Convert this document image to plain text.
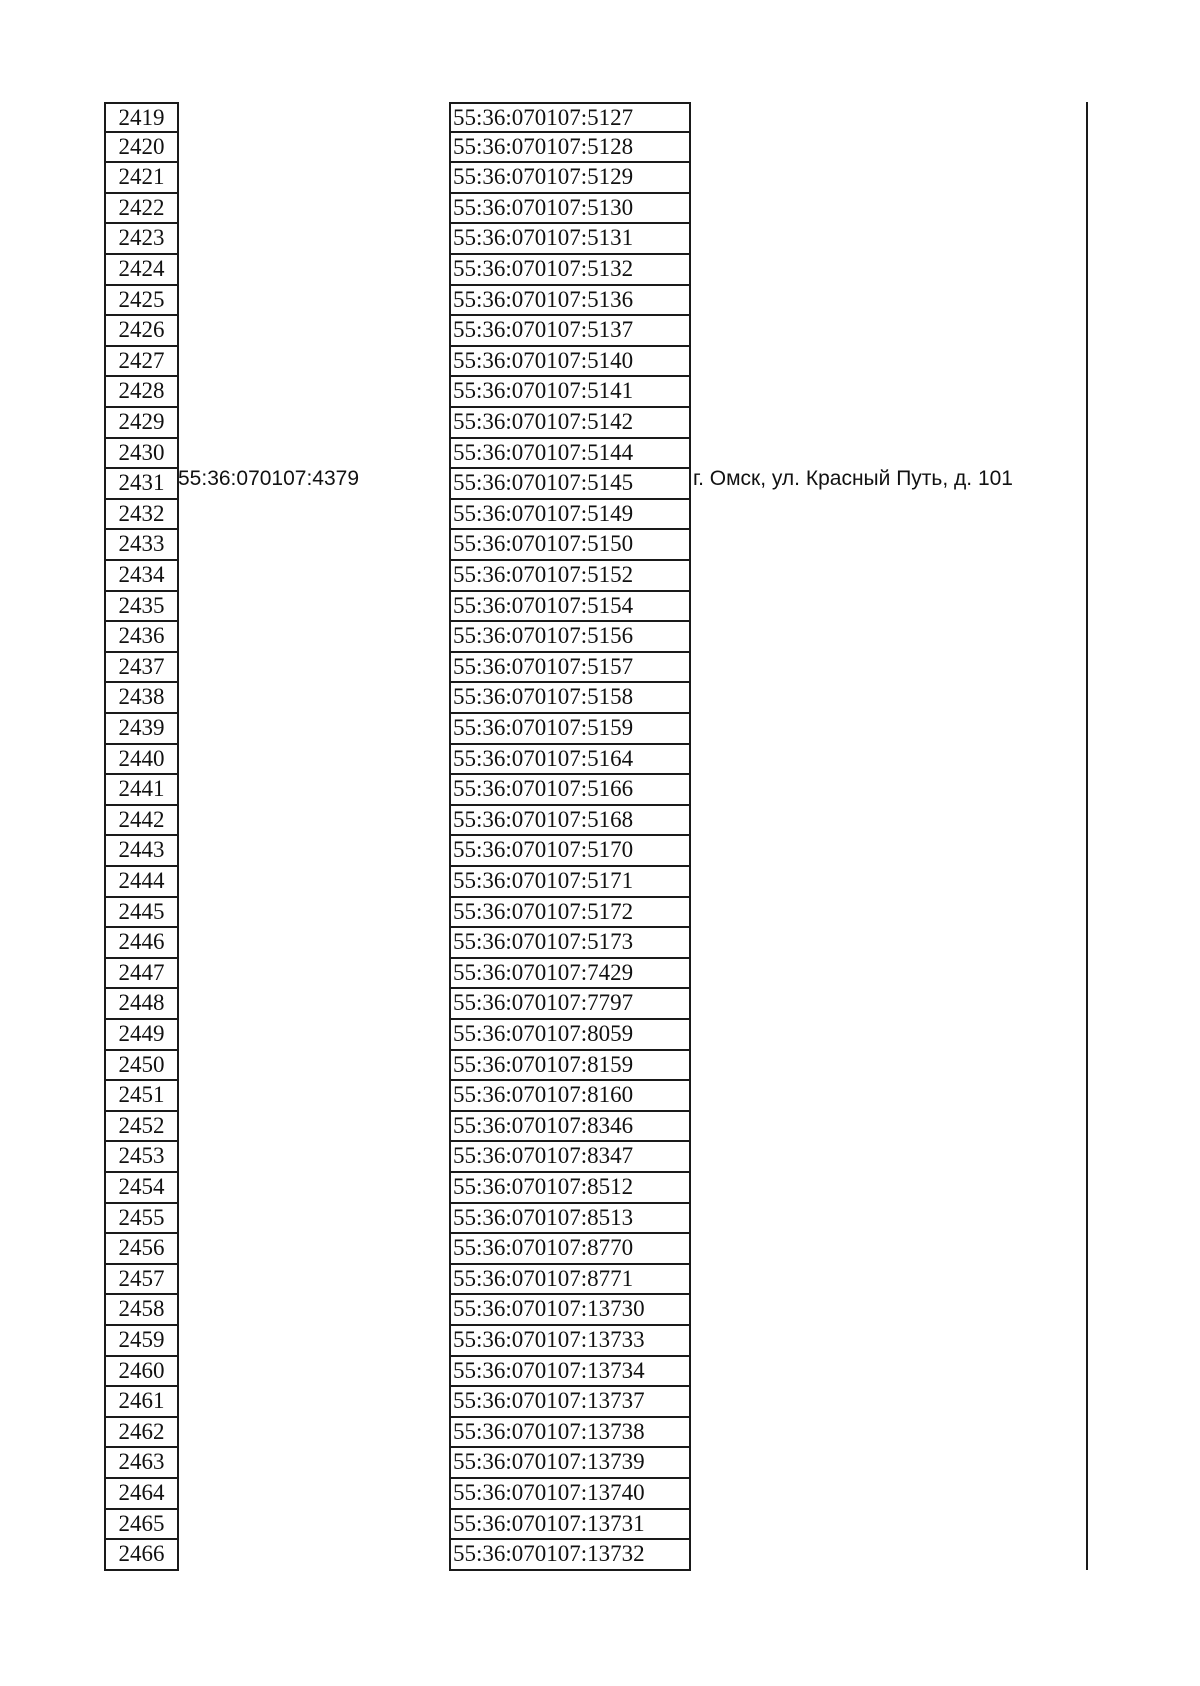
2419	55:36:070107:5127
2420	55:36:070107:5128
2421	55:36:070107:5129
2422	55:36:070107:5130
2423	55:36:070107:5131
2424	55:36:070107:5132
2425	55:36:070107:5136
2426	55:36:070107:5137
2427	55:36:070107:5140
2428	55:36:070107:5141
2429	55:36:070107:5142
2430	55:36:070107:5144
2431	55:36:070107:5145
2432	55:36:070107:5149
2433	55:36:070107:5150
2434	55:36:070107:5152
2435	55:36:070107:5154
2436	55:36:070107:5156
2437	55:36:070107:5157
2438	55:36:070107:5158
2439	55:36:070107:5159
2440	55:36:070107:5164
2441	55:36:070107:5166
2442	55:36:070107:5168
2443	55:36:070107:5170
2444	55:36:070107:5171
2445	55:36:070107:5172
2446	55:36:070107:5173
2447	55:36:070107:7429
2448	55:36:070107:7797
2449	55:36:070107:8059
2450	55:36:070107:8159
2451	55:36:070107:8160
2452	55:36:070107:8346
2453	55:36:070107:8347
2454	55:36:070107:8512
2455	55:36:070107:8513
2456	55:36:070107:8770
2457	55:36:070107:8771
2458	55:36:070107:13730
2459	55:36:070107:13733
2460	55:36:070107:13734
2461	55:36:070107:13737
2462	55:36:070107:13738
2463	55:36:070107:13739
2464	55:36:070107:13740
2465	55:36:070107:13731
2466	55:36:070107:13732
55:36:070107:4379	г. Омск, ул. Красный Путь, д. 101
